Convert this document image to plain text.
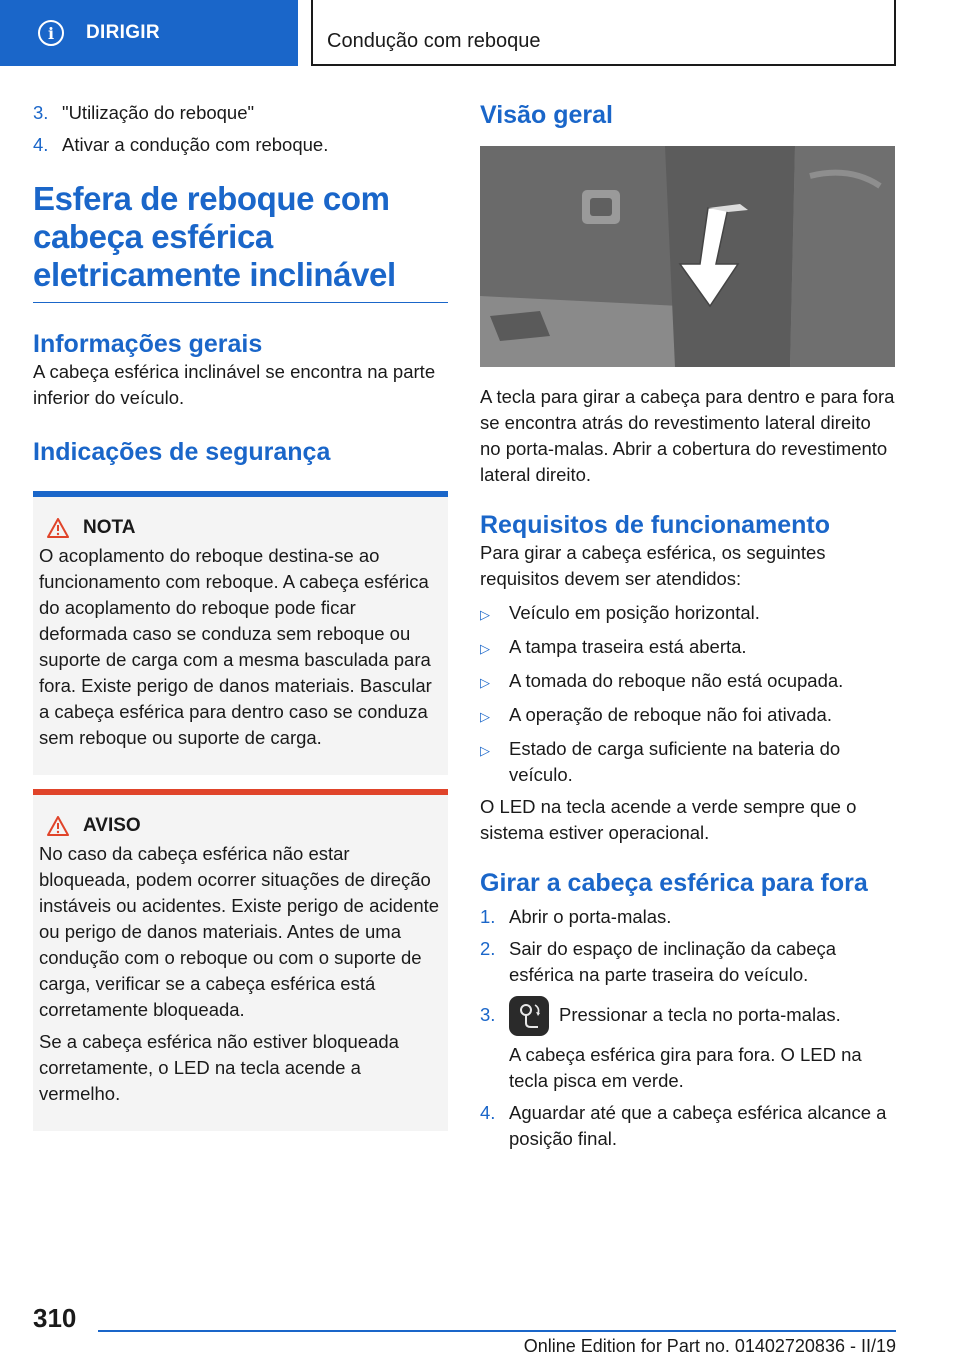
i	DIRIGIR	Condução com reboque
3. "Utilização do reboque"
4. Ativar a condução com reboque.
Esfera de reboque com cabeça esférica eletricamente inclinável
Informações gerais

A cabeça esférica inclinável se encontra na parte inferior do veículo.

Indicações de segurança
NOTA

O acoplamento do reboque destina-se ao funcionamento com reboque. A cabeça esférica do acoplamento do reboque pode ficar deformada caso se conduza sem reboque ou suporte de carga com a mesma basculada para fora. Existe perigo de danos materiais. Bascular a cabeça esférica para dentro caso se conduza sem reboque ou suporte de carga.

AVISO

No caso da cabeça esférica não estar bloqueada, podem ocorrer situações de direção instáveis ou acidentes. Existe perigo de acidente ou perigo de danos materiais. Antes de uma condução com o reboque ou com o suporte de carga, verificar se a cabeça esférica está corretamente bloqueada.

Se a cabeça esférica não estiver bloqueada corretamente, o LED na tecla acende a vermelho.

Visão geral

A tecla para girar a cabeça para dentro e para fora se encontra atrás do revestimento lateral direito no porta-malas. Abrir a cobertura do revestimento lateral direito.

Requisitos de funcionamento

Para girar a cabeça esférica, os seguintes requisitos devem ser atendidos:

▷	Veículo em posição horizontal.
▷	A tampa traseira está aberta.
▷	A tomada do reboque não está ocupada.
▷	A operação de reboque não foi ativada.
▷	Estado de carga suficiente na bateria do veículo.

O LED na tecla acende a verde sempre que o sistema estiver operacional.

Girar a cabeça esférica para fora
1. Abrir o porta-malas.
2. Sair do espaço de inclinação da cabeça esférica na parte traseira do veículo.
3.	Pressionar a tecla no porta-malas.
A cabeça esférica gira para fora. O LED na tecla pisca em verde.
4. Aguardar até que a cabeça esférica alcance a posição final.
310
Online Edition for Part no. 01402720836 - II/19
